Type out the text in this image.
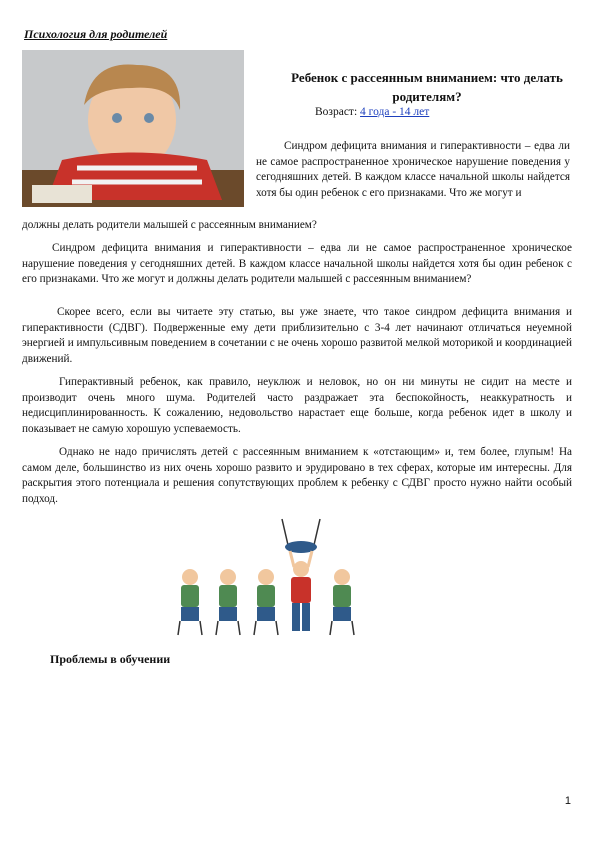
Психология для родителей
Ребенок с рассеянным вниманием: что делать родителям?
Возраст: 4 года - 14 лет

Синдром дефицита внимания и гиперактивности – едва ли не самое распространенное хроническое нарушение поведения у сегодняшних детей. В каждом классе начальной школы найдется хотя бы один ребенок с его признаками. Что же могут и

должны делать родители малышей с рассеянным вниманием?

Синдром дефицита внимания и гиперактивности – едва ли не самое распространенное хроническое нарушение поведения у сегодняшних детей. В каждом классе начальной школы найдется хотя бы один ребенок с его признаками. Что же могут и должны делать родители малышей с рассеянным вниманием?

Скорее всего, если вы читаете эту статью, вы уже знаете, что такое синдром дефицита внимания и гиперактивности (СДВГ). Подверженные ему дети приблизительно с 3-4 лет начинают отличаться неуемной энергией и импульсивным поведением в сочетании с не очень хорошо развитой мелкой моторикой и координацией движений.

Гиперактивный ребенок, как правило, неуклюж и неловок, но он ни минуты не сидит на месте и производит очень много шума. Родителей часто раздражает эта беспокойность, неаккуратность и недисциплинированность. К сожалению, недовольство нарастает еще больше, когда ребенок идет в школу и показывает не самую хорошую успеваемость.

Однако не надо причислять детей с рассеянным вниманием к «отстающим» и, тем более, глупым! На самом деле, большинство из них очень хорошо развито и эрудировано в тех сферах, которые им интересны. Для раскрытия этого потенциала и решения сопутствующих проблем к ребенку с СДВГ просто нужно найти особый подход.

Проблемы в обучении
1
